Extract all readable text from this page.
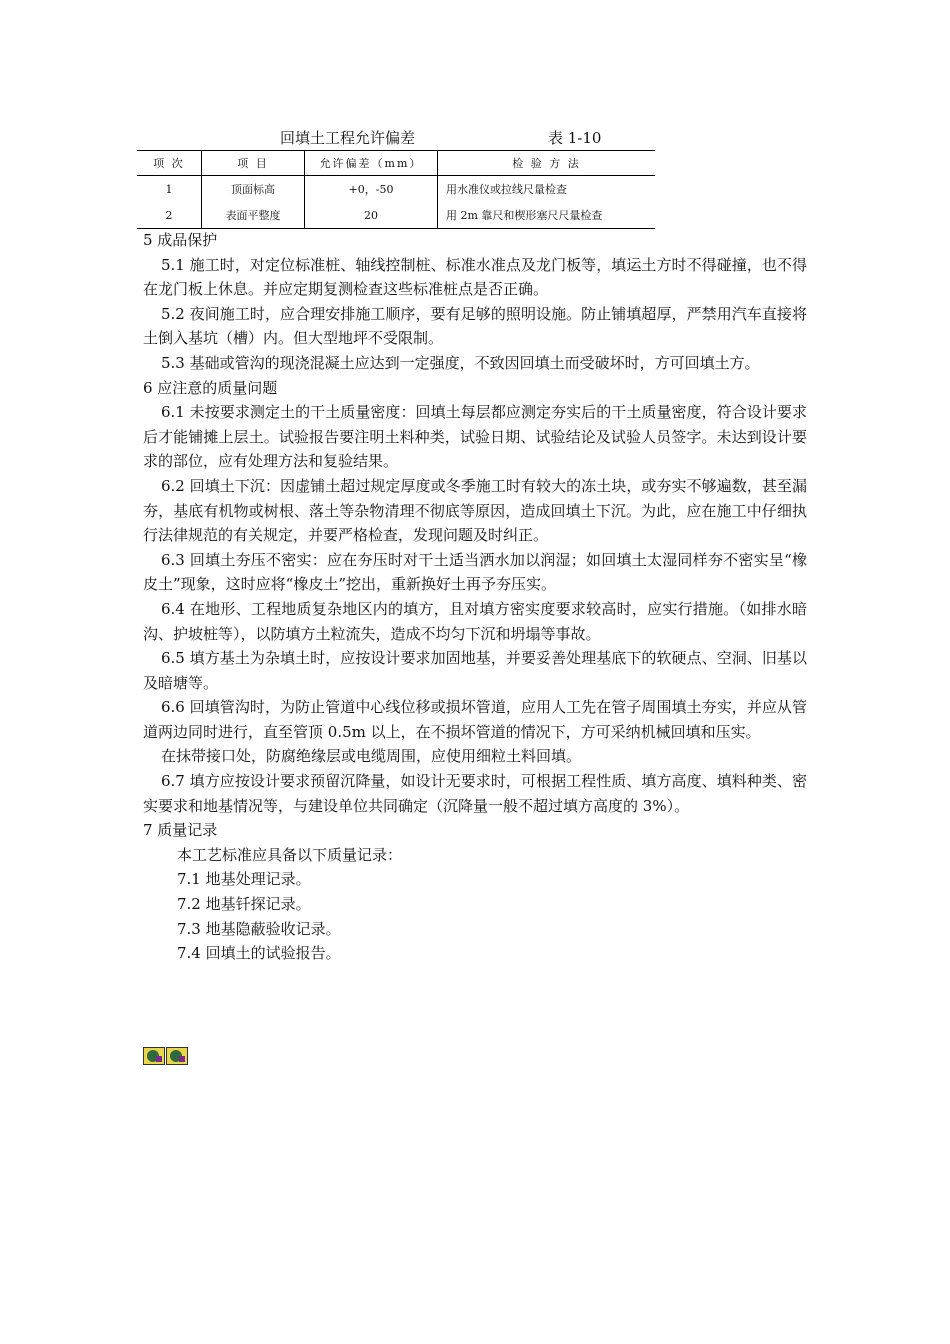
回填土工程允许偏差	表 1-10
项 次	项 目	允许偏差（mm）	检 验 方 法
1	顶面标高	+0，-50	用水准仪或拉线尺量检查
2	表面平整度	20	用 2m 靠尺和楔形塞尺尺量检查

5 成品保护

5.1 施工时，对定位标准桩、轴线控制桩、标准水准点及龙门板等，填运土方时不得碰撞，也不得在龙门板上休息。并应定期复测检查这些标准桩点是否正确。

5.2 夜间施工时，应合理安排施工顺序，要有足够的照明设施。防止铺填超厚，严禁用汽车直接将土倒入基坑（槽）内。但大型地坪不受限制。

5.3 基础或管沟的现浇混凝土应达到一定强度，不致因回填土而受破坏时，方可回填土方。

6 应注意的质量问题

6.1 未按要求测定土的干土质量密度：回填土每层都应测定夯实后的干土质量密度，符合设计要求后才能铺摊上层土。试验报告要注明土料种类，试验日期、试验结论及试验人员签字。未达到设计要求的部位，应有处理方法和复验结果。

6.2 回填土下沉：因虚铺土超过规定厚度或冬季施工时有较大的冻土块，或夯实不够遍数，甚至漏夯，基底有机物或树根、落土等杂物清理不彻底等原因，造成回填土下沉。为此，应在施工中仔细执行法律规范的有关规定，并要严格检查，发现问题及时纠正。

6.3 回填土夯压不密实：应在夯压时对干土适当洒水加以润湿；如回填土太湿同样夯不密实呈“橡皮土”现象，这时应将“橡皮土”挖出，重新换好土再予夯压实。

6.4 在地形、工程地质复杂地区内的填方，且对填方密实度要求较高时，应实行措施。（如排水暗沟、护坡桩等），以防填方土粒流失，造成不均匀下沉和坍塌等事故。

6.5 填方基土为杂填土时，应按设计要求加固地基，并要妥善处理基底下的软硬点、空洞、旧基以及暗塘等。

6.6 回填管沟时，为防止管道中心线位移或损坏管道，应用人工先在管子周围填土夯实，并应从管道两边同时进行，直至管顶 0.5m 以上，在不损坏管道的情况下，方可采纳机械回填和压实。

在抹带接口处，防腐绝缘层或电缆周围，应使用细粒土料回填。

6.7 填方应按设计要求预留沉降量，如设计无要求时，可根据工程性质、填方高度、填料种类、密实要求和地基情况等，与建设单位共同确定（沉降量一般不超过填方高度的 3%）。

7 质量记录

本工艺标准应具备以下质量记录：

7.1 地基处理记录。

7.2 地基钎探记录。

7.3 地基隐蔽验收记录。

7.4 回填土的试验报告。
